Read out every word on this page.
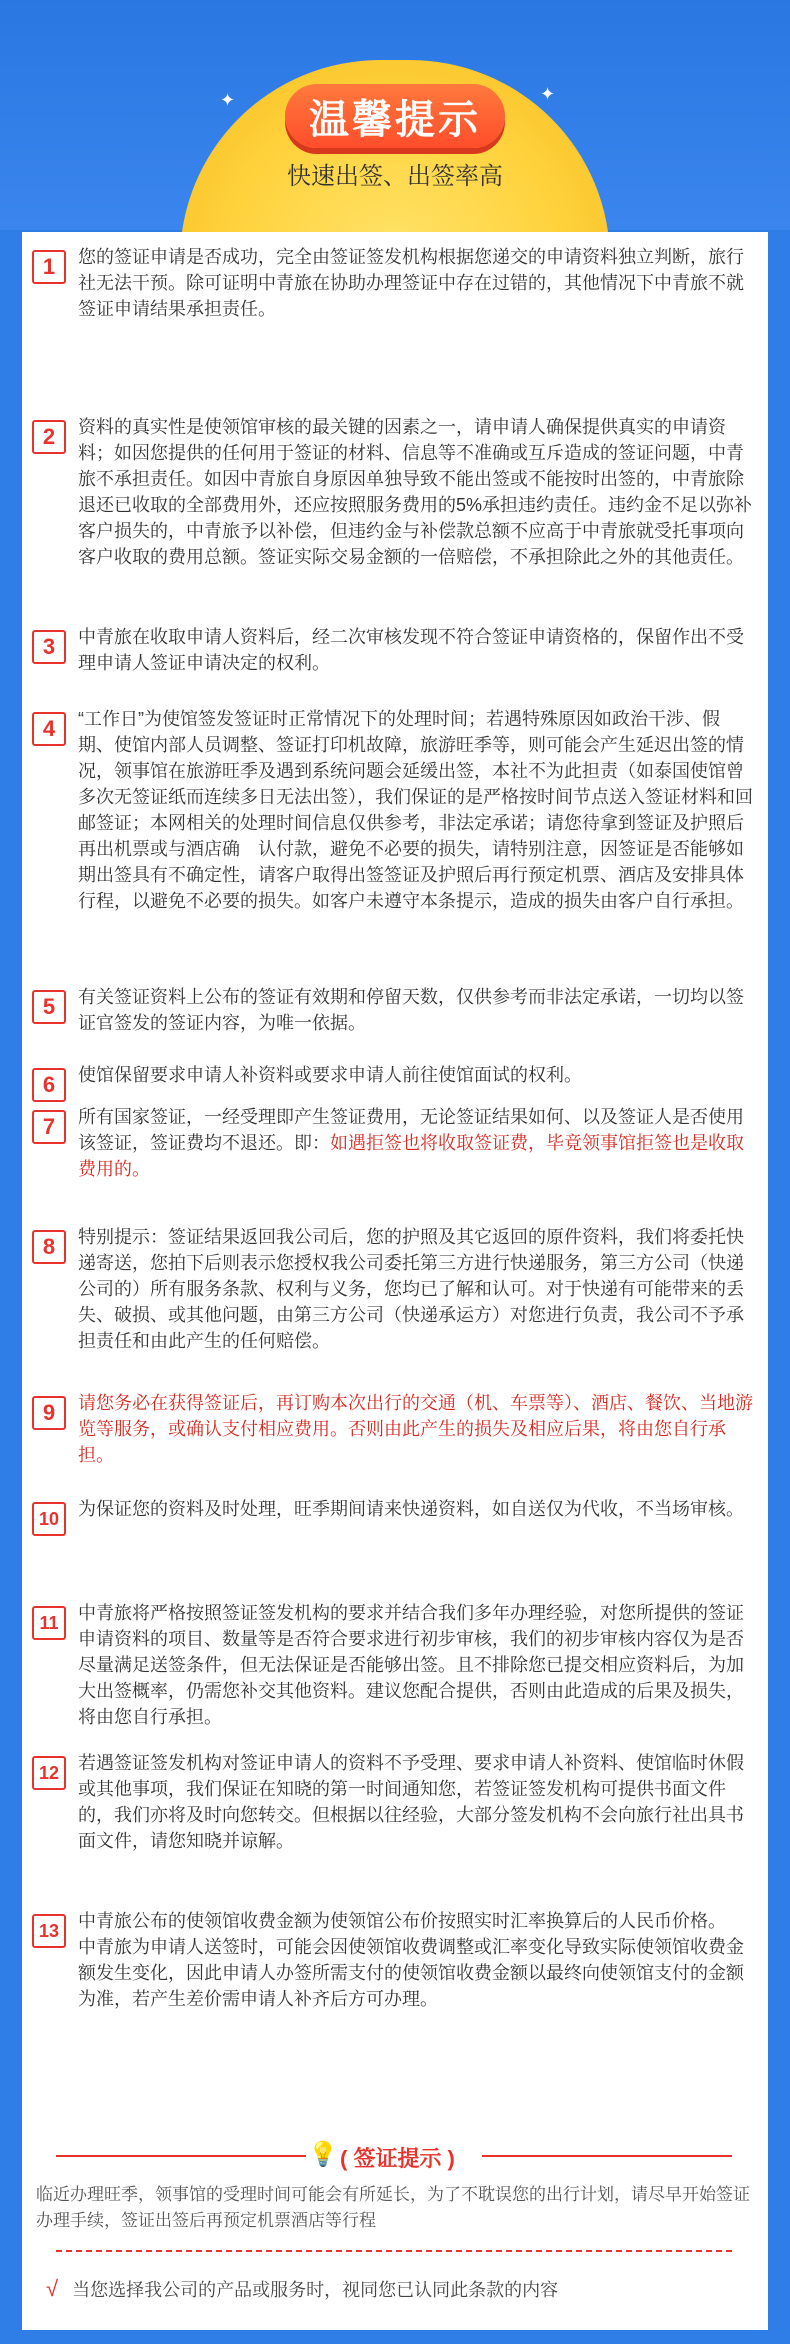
✦	✦
温馨提示
快速出签、出签率高
1	您的签证申请是否成功，完全由签证签发机构根据您递交的申请资料独立判断，旅行社无法干预。除可证明中青旅在协助办理签证中存在过错的，其他情况下中青旅不就签证申请结果承担责任。
2	资料的真实性是使领馆审核的最关键的因素之一，请申请人确保提供真实的申请资料；如因您提供的任何用于签证的材料、信息等不准确或互斥造成的签证问题，中青旅不承担责任。如因中青旅自身原因单独导致不能出签或不能按时出签的，中青旅除退还已收取的全部费用外，还应按照服务费用的5%承担违约责任。违约金不足以弥补客户损失的，中青旅予以补偿，但违约金与补偿款总额不应高于中青旅就受托事项向客户收取的费用总额。签证实际交易金额的一倍赔偿，不承担除此之外的其他责任。
3	中青旅在收取申请人资料后，经二次审核发现不符合签证申请资格的，保留作出不受理申请人签证申请决定的权利。
4	“工作日”为使馆签发签证时正常情况下的处理时间；若遇特殊原因如政治干涉、假期、使馆内部人员调整、签证打印机故障，旅游旺季等，则可能会产生延迟出签的情况，领事馆在旅游旺季及遇到系统问题会延缓出签，本社不为此担责（如泰国使馆曾多次无签证纸而连续多日无法出签），我们保证的是严格按时间节点送入签证材料和回邮签证；本网相关的处理时间信息仅供参考，非法定承诺；请您待拿到签证及护照后再出机票或与酒店确　认付款，避免不必要的损失，请特别注意，因签证是否能够如期出签具有不确定性，请客户取得出签签证及护照后再行预定机票、酒店及安排具体行程，以避免不必要的损失。如客户未遵守本条提示，造成的损失由客户自行承担。
5	有关签证资料上公布的签证有效期和停留天数，仅供参考而非法定承诺，一切均以签证官签发的签证内容，为唯一依据。
6	使馆保留要求申请人补资料或要求申请人前往使馆面试的权利。
7	所有国家签证，一经受理即产生签证费用，无论签证结果如何、以及签证人是否使用该签证，签证费均不退还。即：如遇拒签也将收取签证费，毕竟领事馆拒签也是收取费用的。
8	特别提示：签证结果返回我公司后，您的护照及其它返回的原件资料，我们将委托快递寄送，您拍下后则表示您授权我公司委托第三方进行快递服务，第三方公司（快递公司的）所有服务条款、权利与义务，您均已了解和认可。对于快递有可能带来的丢失、破损、或其他问题，由第三方公司（快递承运方）对您进行负责，我公司不予承担责任和由此产生的任何赔偿。
9	请您务必在获得签证后，再订购本次出行的交通（机、车票等）、酒店、餐饮、当地游览等服务，或确认支付相应费用。否则由此产生的损失及相应后果，将由您自行承担。
10	为保证您的资料及时处理，旺季期间请来快递资料，如自送仅为代收，不当场审核。
11	中青旅将严格按照签证签发机构的要求并结合我们多年办理经验，对您所提供的签证申请资料的项目、数量等是否符合要求进行初步审核，我们的初步审核内容仅为是否尽量满足送签条件，但无法保证是否能够出签。且不排除您已提交相应资料后，为加大出签概率，仍需您补交其他资料。建议您配合提供，否则由此造成的后果及损失，将由您自行承担。
12	若遇签证签发机构对签证申请人的资料不予受理、要求申请人补资料、使馆临时休假或其他事项，我们保证在知晓的第一时间通知您，若签证签发机构可提供书面文件的，我们亦将及时向您转交。但根据以往经验，大部分签发机构不会向旅行社出具书面文件，请您知晓并谅解。
13	中青旅公布的使领馆收费金额为使领馆公布价按照实时汇率换算后的人民币价格。
中青旅为申请人送签时，可能会因使领馆收费调整或汇率变化导致实际使领馆收费金额发生变化，因此申请人办签所需支付的使领馆收费金额以最终向使领馆支付的金额为准，若产生差价需申请人补齐后方可办理。
💡 ( 签证提示 )
临近办理旺季，领事馆的受理时间可能会有所延长，为了不耽误您的出行计划，请尽早开始签证办理手续，签证出签后再预定机票酒店等行程
√ 当您选择我公司的产品或服务时，视同您已认同此条款的内容
